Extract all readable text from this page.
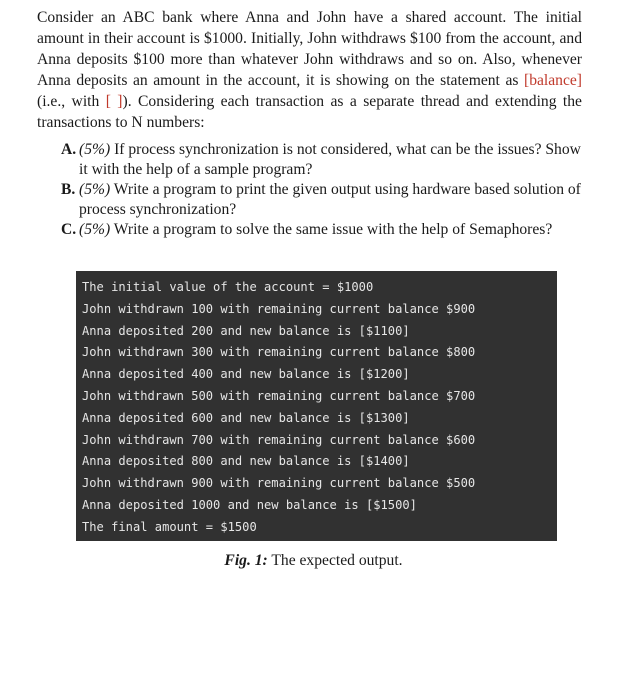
Consider an ABC bank where Anna and John have a shared account. The initial amount in their account is $1000. Initially, John withdraws $100 from the account, and Anna deposits $100 more than whatever John withdraws and so on. Also, whenever Anna deposits an amount in the account, it is showing on the statement as [balance] (i.e., with [ ]). Considering each transaction as a separate thread and extending the transactions to N numbers:

A. (5%) If process synchronization is not considered, what can be the issues? Show it with the help of a sample program?
B. (5%) Write a program to print the given output using hardware based solution of process synchronization?
C. (5%) Write a program to solve the same issue with the help of Semaphores?
The initial value of the account = $1000
John withdrawn 100 with remaining current balance $900
Anna deposited 200 and new balance is [$1100]
John withdrawn 300 with remaining current balance $800
Anna deposited 400 and new balance is [$1200]
John withdrawn 500 with remaining current balance $700
Anna deposited 600 and new balance is [$1300]
John withdrawn 700 with remaining current balance $600
Anna deposited 800 and new balance is [$1400]
John withdrawn 900 with remaining current balance $500
Anna deposited 1000 and new balance is [$1500]
The final amount = $1500
Fig. 1: The expected output.
